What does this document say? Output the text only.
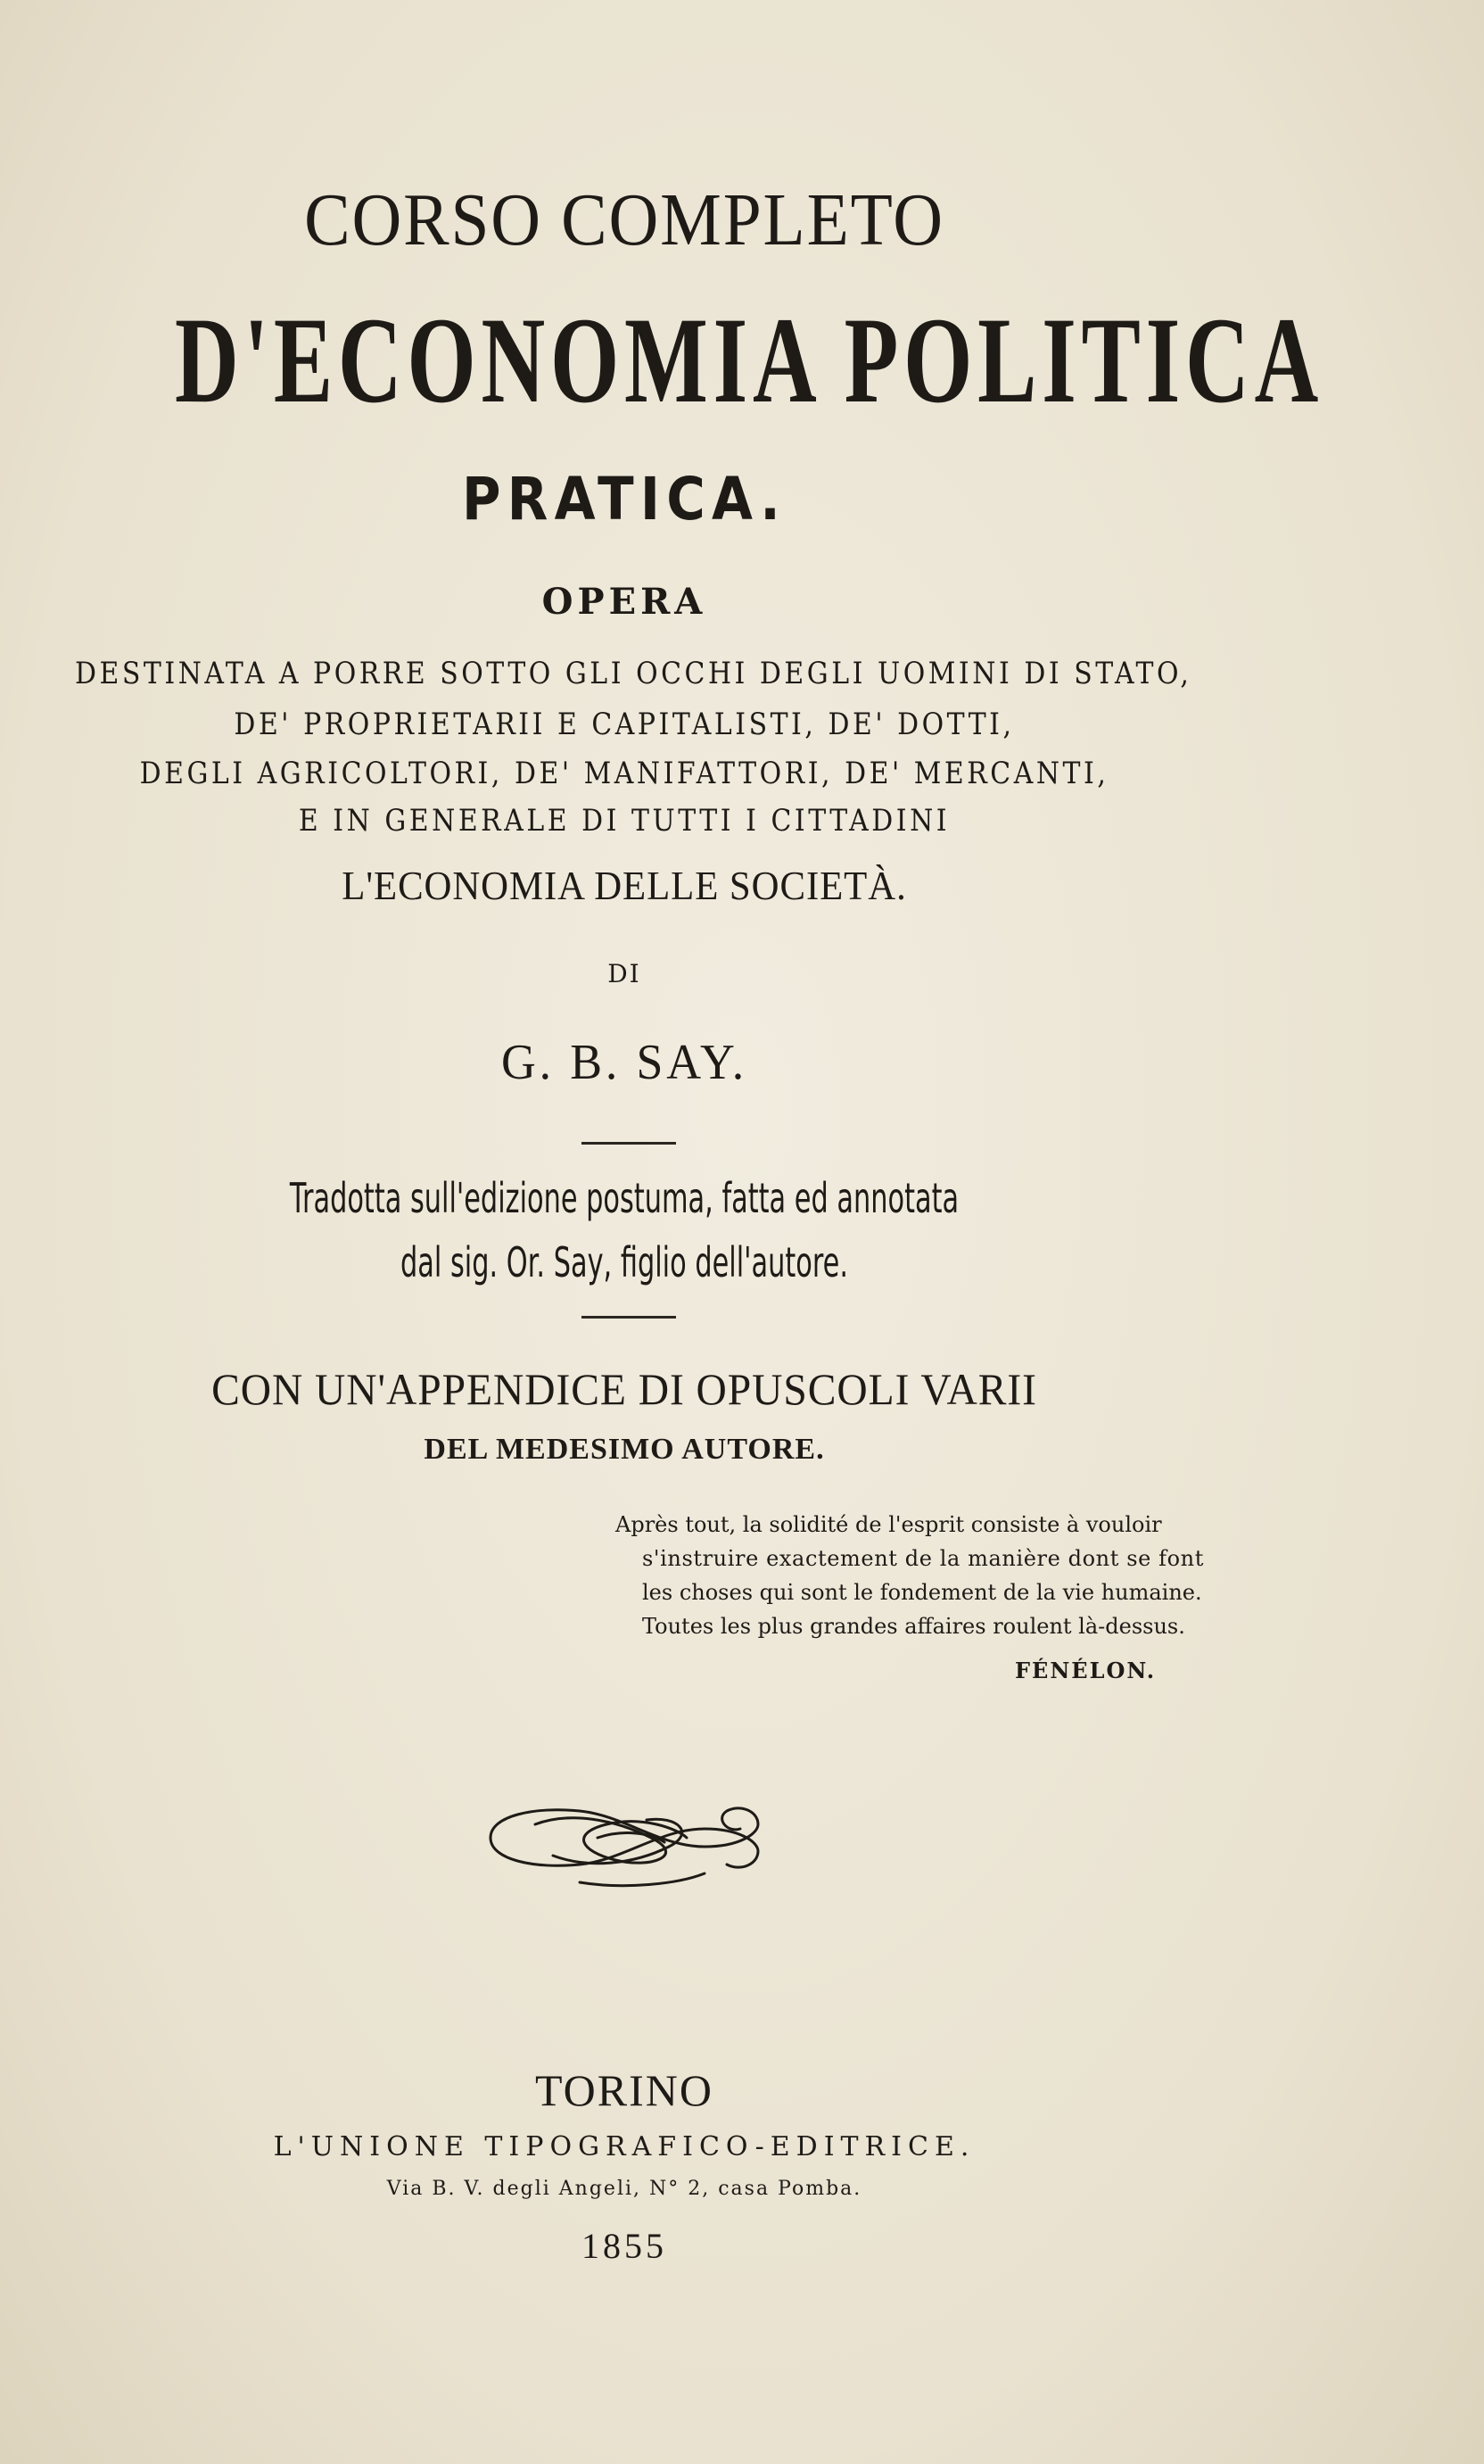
CORSO COMPLETO
D'ECONOMIA POLITICA
PRATICA.
OPERA
DESTINATA A PORRE SOTTO GLI OCCHI DEGLI UOMINI DI STATO,
DE' PROPRIETARII E CAPITALISTI, DE' DOTTI,
DEGLI AGRICOLTORI, DE' MANIFATTORI, DE' MERCANTI,
E IN GENERALE DI TUTTI I CITTADINI
L'ECONOMIA DELLE SOCIETÀ.
DI
G. B. SAY.
Tradotta sull'edizione postuma, fatta ed annotata
dal sig. Or. Say, figlio dell'autore.
CON UN'APPENDICE DI OPUSCOLI VARII
DEL MEDESIMO AUTORE.
Après tout, la solidité de l'esprit consiste à vouloir
s'instruire exactement de la manière dont se font
les choses qui sont le fondement de la vie humaine.
Toutes les plus grandes affaires roulent là-dessus.
FÉNÉLON.
TORINO
L'UNIONE TIPOGRAFICO-EDITRICE.
Via B. V. degli Angeli, N° 2, casa Pomba.
1855
